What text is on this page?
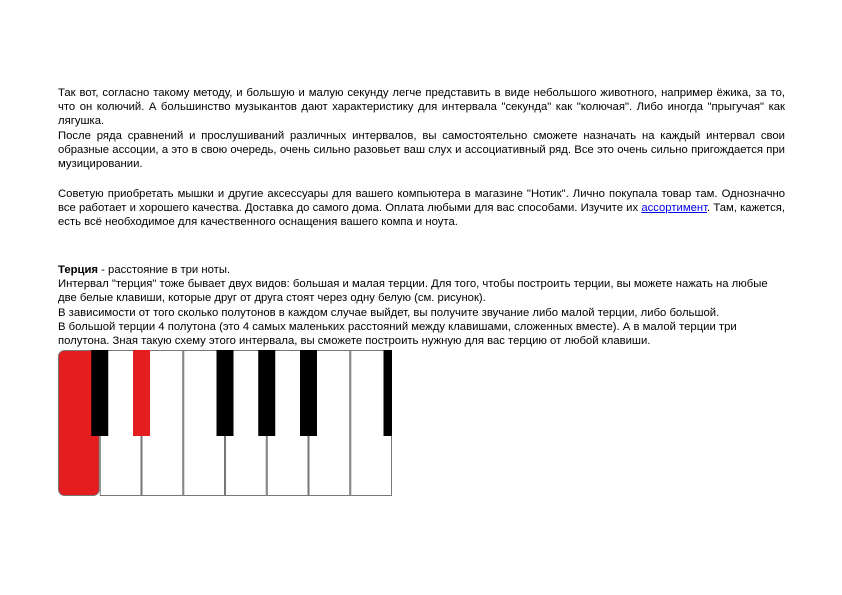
Так вот, согласно такому методу, и большую и малую секунду легче представить в виде небольшого животного, например ёжика, за то, что он колючий. А большинство музыкантов дают характеристику для интервала "секунда" как "колючая". Либо иногда "прыгучая" как лягушка.

После ряда сравнений и прослушиваний различных интервалов, вы самостоятельно сможете назначать на каждый интервал свои образные ассоции, а это в свою очередь, очень сильно разовьет ваш слух и ассоциативный ряд. Все это очень сильно пригождается при музицировании.

Советую приобретать мышки и другие аксессуары для вашего компьютера в магазине "Нотик". Лично покупала товар там. Однозначно все работает и хорошего качества. Доставка до самого дома. Оплата любыми для вас способами. Изучите их ассортимент. Там, кажется, есть всё необходимое для качественного оснащения вашего компа и ноута.

Терция - расстояние в три ноты.

Интервал "терция" тоже бывает двух видов: большая и малая терции. Для того, чтобы построить терции, вы можете нажать на любые две белые клавиши, которые друг от друга стоят через одну белую (см. рисунок).

В зависимости от того сколько полутонов в каждом случае выйдет, вы получите звучание либо малой терции, либо большой.

В большой терции 4 полутона (это 4 самых маленьких расстояний между клавишами, сложенных вместе). А в малой терции три полутона. Зная такую схему этого интервала, вы сможете построить нужную для вас терцию от любой клавиши.
